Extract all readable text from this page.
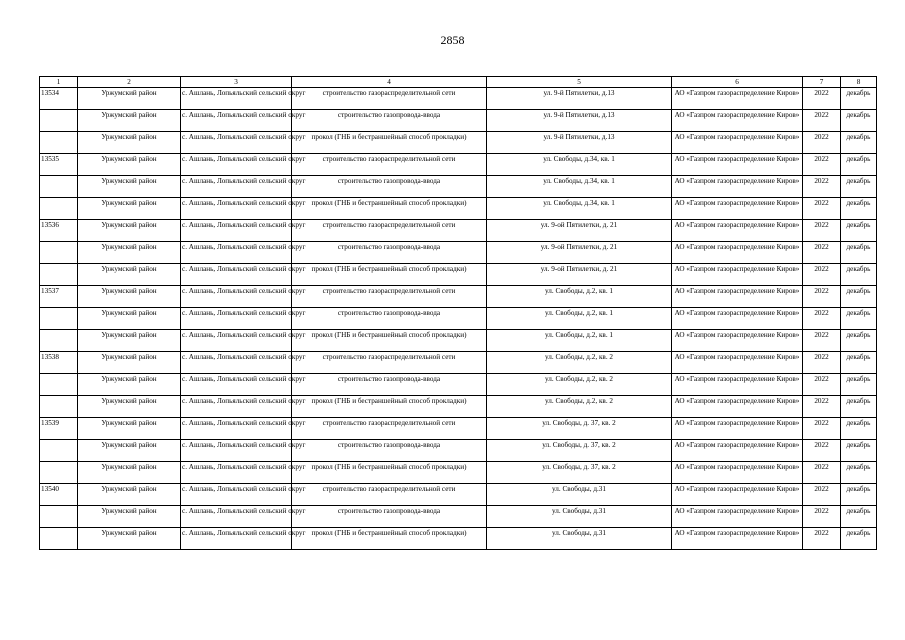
2858
1	2	3	4	5	6	7	8
13534	Уржумский район	с. Ашлань, Лопьяльский сельский округ	строительство газораспределительной сети	ул. 9-й Пятилетки, д.13	АО «Газпром газораспределение Киров»	2022	декабрь
	Уржумский район	с. Ашлань, Лопьяльский сельский округ	строительство газопровода-ввода	ул. 9-й Пятилетки, д.13	АО «Газпром газораспределение Киров»	2022	декабрь
	Уржумский район	с. Ашлань, Лопьяльский сельский округ	прокол (ГНБ и бестраншейный способ прокладки)	ул. 9-й Пятилетки, д.13	АО «Газпром газораспределение Киров»	2022	декабрь
13535	Уржумский район	с. Ашлань, Лопьяльский сельский округ	строительство газораспределительной сети	ул. Свободы, д.34, кв. 1	АО «Газпром газораспределение Киров»	2022	декабрь
	Уржумский район	с. Ашлань, Лопьяльский сельский округ	строительство газопровода-ввода	ул. Свободы, д.34, кв. 1	АО «Газпром газораспределение Киров»	2022	декабрь
	Уржумский район	с. Ашлань, Лопьяльский сельский округ	прокол (ГНБ и бестраншейный способ прокладки)	ул. Свободы, д.34, кв. 1	АО «Газпром газораспределение Киров»	2022	декабрь
13536	Уржумский район	с. Ашлань, Лопьяльский сельский округ	строительство газораспределительной сети	ул. 9-ой Пятилетки, д. 21	АО «Газпром газораспределение Киров»	2022	декабрь
	Уржумский район	с. Ашлань, Лопьяльский сельский округ	строительство газопровода-ввода	ул. 9-ой Пятилетки, д. 21	АО «Газпром газораспределение Киров»	2022	декабрь
	Уржумский район	с. Ашлань, Лопьяльский сельский округ	прокол (ГНБ и бестраншейный способ прокладки)	ул. 9-ой Пятилетки, д. 21	АО «Газпром газораспределение Киров»	2022	декабрь
13537	Уржумский район	с. Ашлань, Лопьяльский сельский округ	строительство газораспределительной сети	ул. Свободы, д.2, кв. 1	АО «Газпром газораспределение Киров»	2022	декабрь
	Уржумский район	с. Ашлань, Лопьяльский сельский округ	строительство газопровода-ввода	ул. Свободы, д.2, кв. 1	АО «Газпром газораспределение Киров»	2022	декабрь
	Уржумский район	с. Ашлань, Лопьяльский сельский округ	прокол (ГНБ и бестраншейный способ прокладки)	ул. Свободы, д.2, кв. 1	АО «Газпром газораспределение Киров»	2022	декабрь
13538	Уржумский район	с. Ашлань, Лопьяльский сельский округ	строительство газораспределительной сети	ул. Свободы, д.2, кв. 2	АО «Газпром газораспределение Киров»	2022	декабрь
	Уржумский район	с. Ашлань, Лопьяльский сельский округ	строительство газопровода-ввода	ул. Свободы, д.2, кв. 2	АО «Газпром газораспределение Киров»	2022	декабрь
	Уржумский район	с. Ашлань, Лопьяльский сельский округ	прокол (ГНБ и бестраншейный способ прокладки)	ул. Свободы, д.2, кв. 2	АО «Газпром газораспределение Киров»	2022	декабрь
13539	Уржумский район	с. Ашлань, Лопьяльский сельский округ	строительство газораспределительной сети	ул. Свободы, д. 37, кв. 2	АО «Газпром газораспределение Киров»	2022	декабрь
	Уржумский район	с. Ашлань, Лопьяльский сельский округ	строительство газопровода-ввода	ул. Свободы, д. 37, кв. 2	АО «Газпром газораспределение Киров»	2022	декабрь
	Уржумский район	с. Ашлань, Лопьяльский сельский округ	прокол (ГНБ и бестраншейный способ прокладки)	ул. Свободы, д. 37, кв. 2	АО «Газпром газораспределение Киров»	2022	декабрь
13540	Уржумский район	с. Ашлань, Лопьяльский сельский округ	строительство газораспределительной сети	ул. Свободы, д.31	АО «Газпром газораспределение Киров»	2022	декабрь
	Уржумский район	с. Ашлань, Лопьяльский сельский округ	строительство газопровода-ввода	ул. Свободы, д.31	АО «Газпром газораспределение Киров»	2022	декабрь
	Уржумский район	с. Ашлань, Лопьяльский сельский округ	прокол (ГНБ и бестраншейный способ прокладки)	ул. Свободы, д.31	АО «Газпром газораспределение Киров»	2022	декабрь
